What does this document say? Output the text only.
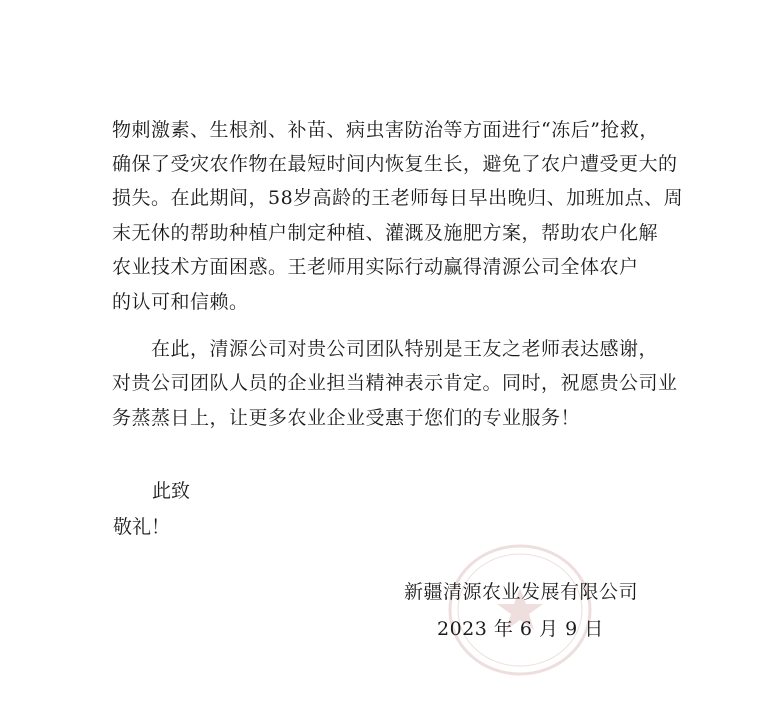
物刺激素、生根剂、补苗、病虫害防治等方面进行“冻后”抢救，
确保了受灾农作物在最短时间内恢复生长，避免了农户遭受更大的
损失。在此期间，58岁高龄的王老师每日早出晚归、加班加点、周
末无休的帮助种植户制定种植、灌溉及施肥方案，帮助农户化解
农业技术方面困惑。王老师用实际行动赢得清源公司全体农户
的认可和信赖。
　　在此，清源公司对贵公司团队特别是王友之老师表达感谢，
对贵公司团队人员的企业担当精神表示肯定。同时，祝愿贵公司业
务蒸蒸日上，让更多农业企业受惠于您们的专业服务！
此致
敬礼！
新疆清源农业发展有限公司
2023 年 6 月 9 日
